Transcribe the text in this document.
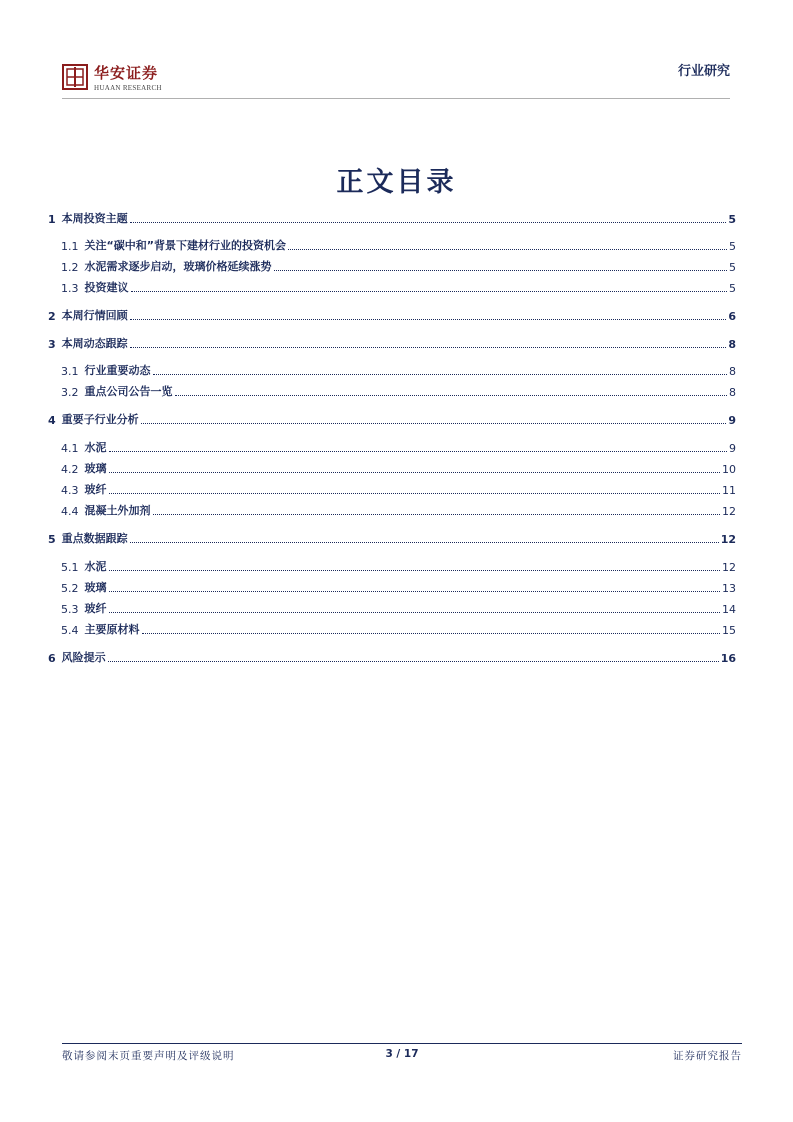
华安证券
HUAAN RESEARCH
行业研究
正文目录
1 本周投资主题	5
1.1 关注“碳中和”背景下建材行业的投资机会	5
1.2 水泥需求逐步启动，玻璃价格延续涨势	5
1.3 投资建议	5
2 本周行情回顾	6
3 本周动态跟踪	8
3.1 行业重要动态	8
3.2 重点公司公告一览	8
4 重要子行业分析	9
4.1 水泥	9
4.2 玻璃	10
4.3 玻纤	11
4.4 混凝土外加剂	12
5 重点数据跟踪	12
5.1 水泥	12
5.2 玻璃	13
5.3 玻纤	14
5.4 主要原材料	15
6 风险提示	16
敬请参阅末页重要声明及评级说明	3 / 17	证券研究报告
